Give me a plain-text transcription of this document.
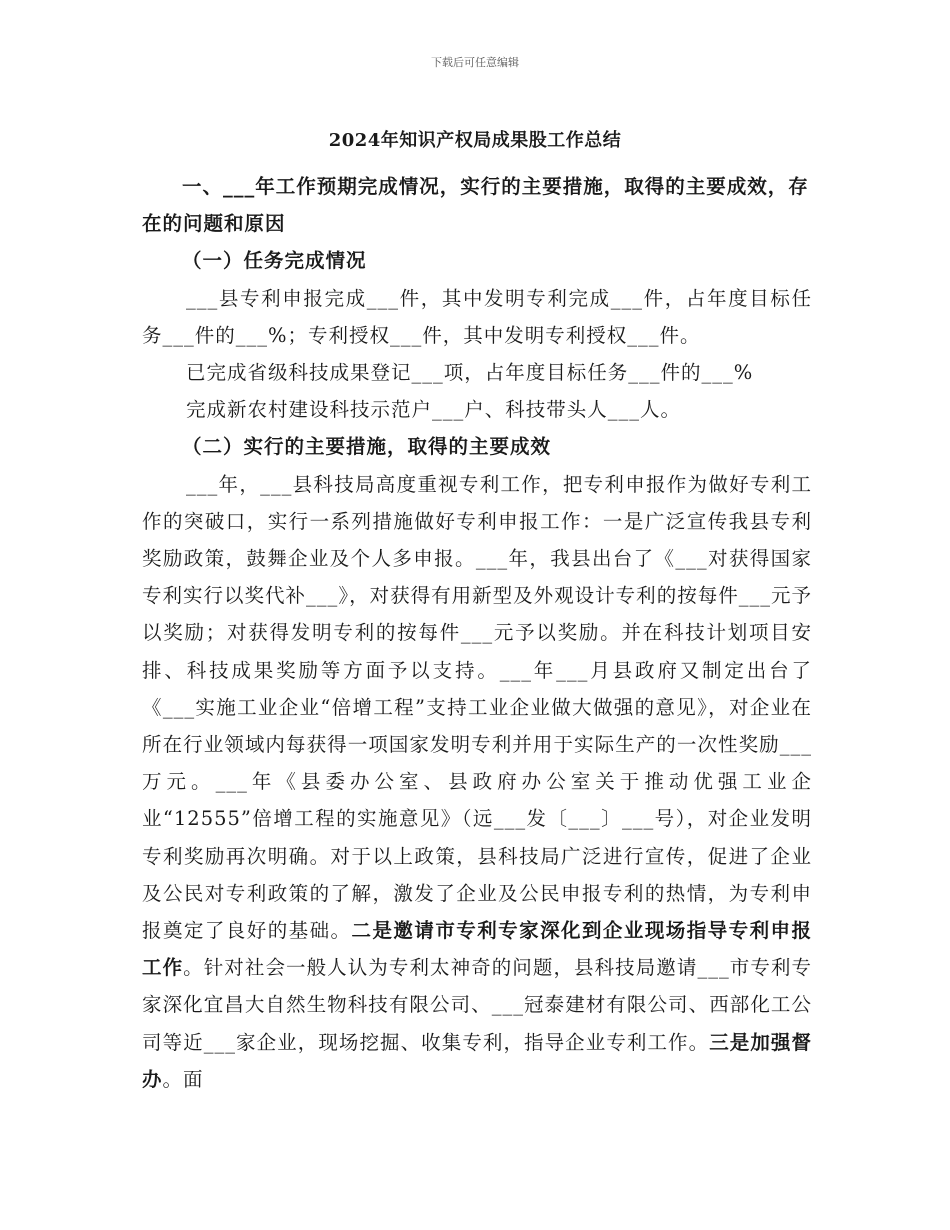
下载后可任意编辑
2024年知识产权局成果股工作总结

一、___年工作预期完成情况，实行的主要措施，取得的主要成效，存在的问题和原因

（一）任务完成情况

___县专利申报完成___件，其中发明专利完成___件，占年度目标任务___件的___%；专利授权___件，其中发明专利授权___件。

已完成省级科技成果登记___项，占年度目标任务___件的___%

完成新农村建设科技示范户___户、科技带头人___人。

（二）实行的主要措施，取得的主要成效

___年，___县科技局高度重视专利工作，把专利申报作为做好专利工作的突破口，实行一系列措施做好专利申报工作：一是广泛宣传我县专利奖励政策，鼓舞企业及个人多申报。___年，我县出台了《___对获得国家专利实行以奖代补___》，对获得有用新型及外观设计专利的按每件___元予以奖励；对获得发明专利的按每件___元予以奖励。并在科技计划项目安排、科技成果奖励等方面予以支持。___年___月县政府又制定出台了《___实施工业企业“倍增工程”支持工业企业做大做强的意见》，对企业在所在行业领域内每获得一项国家发明专利并用于实际生产的一次性奖励___万元。___年《县委办公室、县政府办公室关于推动优强工业企业“12555”倍增工程的实施意见》（远___发〔___〕___号），对企业发明专利奖励再次明确。对于以上政策，县科技局广泛进行宣传，促进了企业及公民对专利政策的了解，激发了企业及公民申报专利的热情，为专利申报奠定了良好的基础。二是邀请市专利专家深化到企业现场指导专利申报工作。针对社会一般人认为专利太神奇的问题，县科技局邀请___市专利专家深化宜昌大自然生物科技有限公司、___冠泰建材有限公司、西部化工公司等近___家企业，现场挖掘、收集专利，指导企业专利工作。三是加强督办。面
